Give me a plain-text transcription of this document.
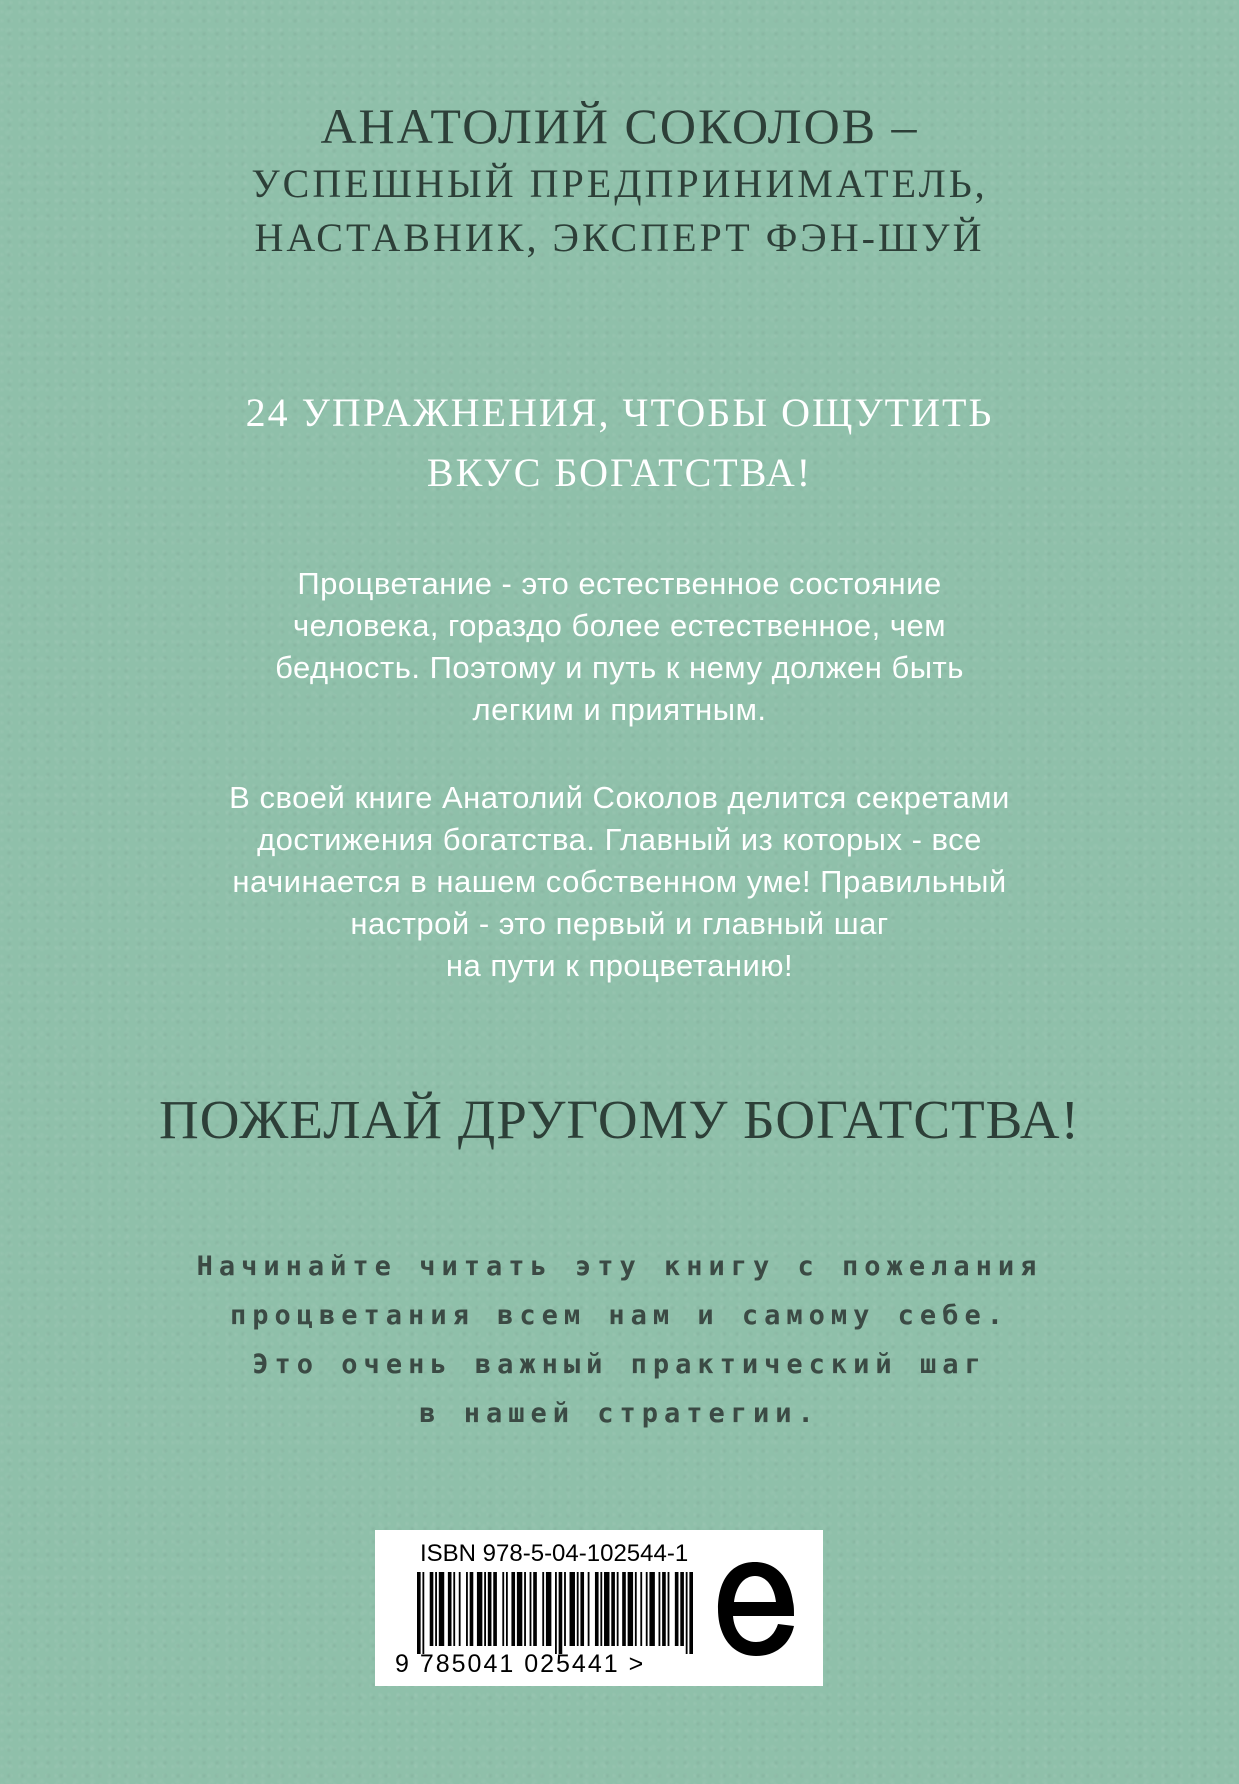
АНАТОЛИЙ СОКОЛОВ –
УСПЕШНЫЙ ПРЕДПРИНИМАТЕЛЬ,
НАСТАВНИК, ЭКСПЕРТ ФЭН-ШУЙ
24 УПРАЖНЕНИЯ, ЧТОБЫ ОЩУТИТЬ
ВКУС БОГАТСТВА!
Процветание - это естественное состояние
человека, гораздо более естественное, чем
бедность. Поэтому и путь к нему должен быть
легким и приятным.
В своей книге Анатолий Соколов делится секретами
достижения богатства. Главный из которых - все
начинается в нашем собственном уме! Правильный
настрой - это первый и главный шаг
на пути к процветанию!
ПОЖЕЛАЙ ДРУГОМУ БОГАТСТВА!
Начинайте читать эту книгу с пожелания
процветания всем нам и самому себе.
Это очень важный практический шаг
в нашей стратегии.
ISBN 978-5-04-102544-1
9 785041 025441 >
